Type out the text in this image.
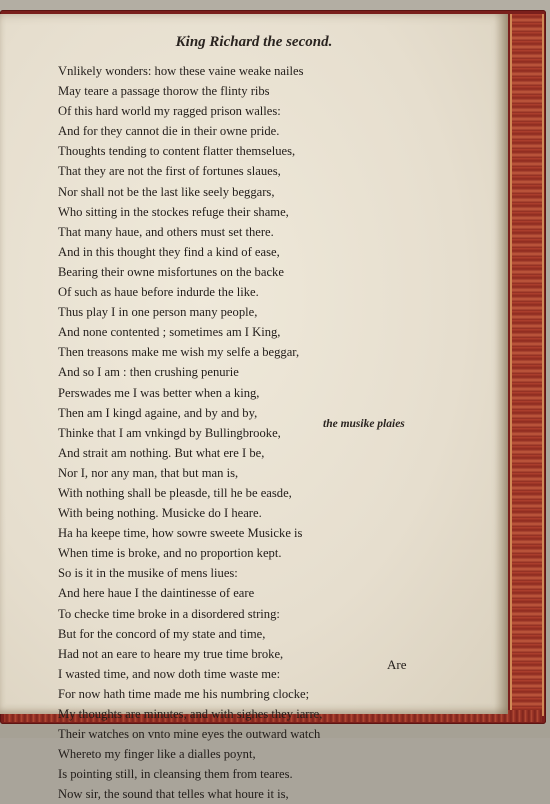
King Richard the second.
Vnlikely wonders: how these vaine weake nailes
May teare a passage thorow the flinty ribs
Of this hard world my ragged prison walles:
And for they cannot die in their owne pride.
Thoughts tending to content flatter themselues,
That they are not the first of fortunes slaues,
Nor shall not be the last like seely beggars,
Who sitting in the stockes refuge their shame,
That many haue, and others must set there.
And in this thought they find a kind of ease,
Bearing their owne misfortunes on the backe
Of such as haue before indurde the like.
Thus play I in one person many people,
And none contented ; sometimes am I King,
Then treasons make me wish my selfe a beggar,
And so I am : then crushing penurie
Perswades me I was better when a king,
Then am I kingd againe, and by and by,
Thinke that I am vnkingd by Bullingbrooke,
And strait am nothing. But what ere I be,
Nor I, nor any man, that but man is,
With nothing shall be pleasde, till he be easde,
With being nothing. Musicke do I heare.
Ha ha keepe time, how sowre sweete Musicke is
When time is broke, and no proportion kept.
So is it in the musike of mens liues:
And here haue I the daintinesse of eare
To checke time broke in a disordered string:
But for the concord of my state and time,
Had not an eare to heare my true time broke,
I wasted time, and now doth time waste me:
For now hath time made me his numbring clocke;
My thoughts are minutes, and with sighes they iarre,
Their watches on vnto mine eyes the outward watch
Whereto my finger like a dialles poynt,
Is pointing still, in cleansing them from teares.
Now sir, the sound that telles what houre it is,
the musike plaies
Are
